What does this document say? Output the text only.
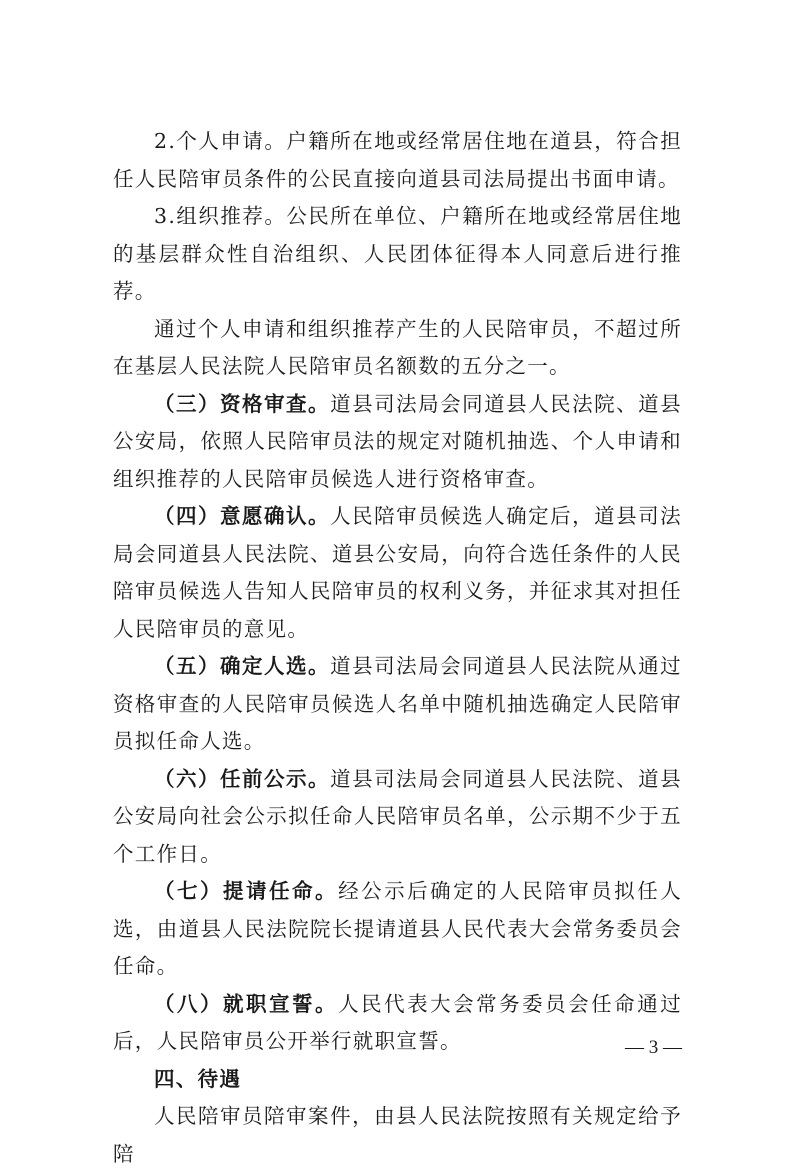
2.个人申请。户籍所在地或经常居住地在道县，符合担任人民陪审员条件的公民直接向道县司法局提出书面申请。

3.组织推荐。公民所在单位、户籍所在地或经常居住地的基层群众性自治组织、人民团体征得本人同意后进行推荐。

通过个人申请和组织推荐产生的人民陪审员，不超过所在基层人民法院人民陪审员名额数的五分之一。

（三）资格审查。道县司法局会同道县人民法院、道县公安局，依照人民陪审员法的规定对随机抽选、个人申请和组织推荐的人民陪审员候选人进行资格审查。

（四）意愿确认。人民陪审员候选人确定后，道县司法局会同道县人民法院、道县公安局，向符合选任条件的人民陪审员候选人告知人民陪审员的权利义务，并征求其对担任人民陪审员的意见。

（五）确定人选。道县司法局会同道县人民法院从通过资格审查的人民陪审员候选人名单中随机抽选确定人民陪审员拟任命人选。

（六）任前公示。道县司法局会同道县人民法院、道县公安局向社会公示拟任命人民陪审员名单，公示期不少于五个工作日。

（七）提请任命。经公示后确定的人民陪审员拟任人选，由道县人民法院院长提请道县人民代表大会常务委员会任命。

（八）就职宣誓。人民代表大会常务委员会任命通过后，人民陪审员公开举行就职宣誓。

四、待遇

人民陪审员陪审案件，由县人民法院按照有关规定给予陪

— 3 —
